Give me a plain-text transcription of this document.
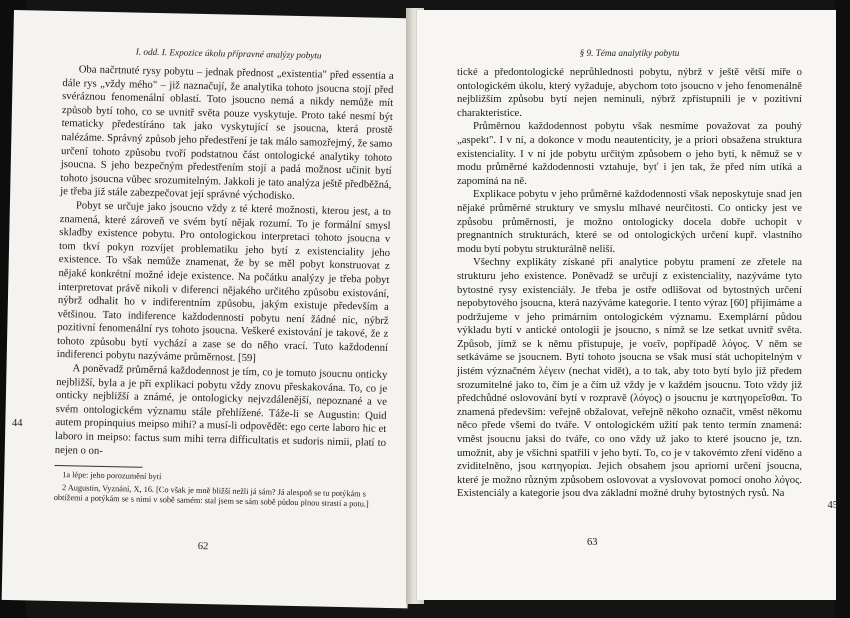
I. odd. I. Expozice úkolu přípravné analýzy pobytu

Oba načrtnuté rysy pobytu – jednak přednost „existentia" před essentia a dále rys „vždy mého" – již naznačují, že analytika tohoto jsoucna stojí před svéráznou fenomenální oblastí. Toto jsoucno nemá a nikdy nemůže mít způsob bytí toho, co se uvnitř světa pouze vyskytuje. Proto také nesmí být tematicky předestíráno tak jako vyskytující se jsoucna, která prostě nalézáme. Správný způsob jeho předestření je tak málo samozřejmý, že samo určení tohoto způsobu tvoří podstatnou část ontologické analytiky tohoto jsoucna. S jeho bezpečným předestřením stojí a padá možnost učinit bytí tohoto jsoucna vůbec srozumitelným. Jakkoli je tato analýza ještě předběžná, je třeba již stále zabezpečovat její správné východisko.

Pobyt se určuje jako jsoucno vždy z té které možnosti, kterou jest, a to znamená, které zároveň ve svém bytí nějak rozumí. To je formální smysl skladby existence pobytu. Pro ontologickou interpretaci tohoto jsoucna v tom tkví pokyn rozvíjet problematiku jeho bytí z existenciality jeho existence. To však nemůže znamenat, že by se měl pobyt konstruovat z nějaké konkrétní možné ideje existence. Na počátku analýzy je třeba pobyt interpretovat právě nikoli v diferenci nějakého určitého způsobu existování, nýbrž odhalit ho v indiferentním způsobu, jakým existuje především a většinou. Tato indiference každodennosti pobytu není žádné nic, nýbrž pozitivní fenomenální rys tohoto jsoucna. Veškeré existování je takové, že z tohoto způsobu bytí vychází a zase se do něho vrací. Tuto každodenní indiferenci pobytu nazýváme průměrnost. [59]

A poněvadž průměrná každodennost je tím, co je tomuto jsoucnu onticky nejbližší, byla a je při explikaci pobytu vždy znovu přeskakována. To, co je onticky nejbližší a známé, je ontologicky nejvzdálenější, nepoznané a ve svém ontologickém významu stále přehlížené. Táže-li se Augustin: Quid autem propinquius meipso mihi? a musí-li odpovědět: ego certe laboro hic et laboro in meipso: factus sum mihi terra difficultatis et sudoris nimii, platí to nejen o on-

1a lépe: jeho porozumění bytí

2 Augustin, Vyznání, X, 16. [Co však je mně bližší nežli já sám? Já alespoň se tu potýkám s obtížemi a potýkám se s nimi v sobě samém: stal jsem se sám sobě půdou plnou strastí a potu.]

62
44
§ 9. Téma analytiky pobytu

tické a předontologické neprůhlednosti pobytu, nýbrž v ještě větší míře o ontologickém úkolu, který vyžaduje, abychom toto jsoucno v jeho fenomenálně nejbližším způsobu bytí nejen neminuli, nýbrž zpřístupnili je v pozitivní charakteristice.

Průměrnou každodennost pobytu však nesmíme považovat za pouhý „aspekt". I v ní, a dokonce v modu neautenticity, je a priori obsažena struktura existenciality. I v ní jde pobytu určitým způsobem o jeho bytí, k němuž se v modu průměrné každodennosti vztahuje, byť i jen tak, že před ním utíká a zapomíná na ně.

Explikace pobytu v jeho průměrné každodennosti však neposkytuje snad jen nějaké průměrné struktury ve smyslu mlhavé neurčitosti. Co onticky jest ve způsobu průměrnosti, je možno ontologicky docela dobře uchopit v pregnantních strukturách, které se od ontologických určení kupř. vlastního modu bytí pobytu strukturálně neliší.

Všechny explikáty získané při analytice pobytu pramení ze zřetele na strukturu jeho existence. Poněvadž se určují z existenciality, nazýváme tyto bytostné rysy existenciály. Je třeba je ostře odlišovat od bytostných určení nepobytového jsoucna, která nazýváme kategorie. I tento výraz [60] přijímáme a podržujeme v jeho primárním ontologickém významu. Exemplární půdou výkladu bytí v antické ontologii je jsoucno, s nímž se lze setkat uvnitř světa. Způsob, jímž se k němu přistupuje, je νοεῖν, popřípadě λόγος. V něm se setkáváme se jsoucnem. Bytí tohoto jsoucna se však musí stát uchopitelným v jistém význačném λέγειν (nechat vidět), a to tak, aby toto bytí bylo již předem srozumitelné jako to, čím je a čím už vždy je v každém jsoucnu. Toto vždy již předchůdné oslovování bytí v rozpravě (λόγος) o jsoucnu je κατηγορεῖσθαι. To znamená především: veřejně obžalovat, veřejně někoho označit, vměst někomu něco přede všemi do tváře. V ontologickém užití pak tento termín znamená: vměst jsoucnu jaksi do tváře, co ono vždy už jako to které jsoucno je, tzn. umožnit, aby je všichni spatřili v jeho bytí. To, co je v takovémto zření viděno a zviditelněno, jsou κατηγορίαι. Jejich obsahem jsou apriorní určení jsoucna, které je možno různým způsobem oslovovat a vyslovovat pomocí onoho λόγος. Existenciály a kategorie jsou dva základní možné druhy bytostných rysů. Na

63
45
